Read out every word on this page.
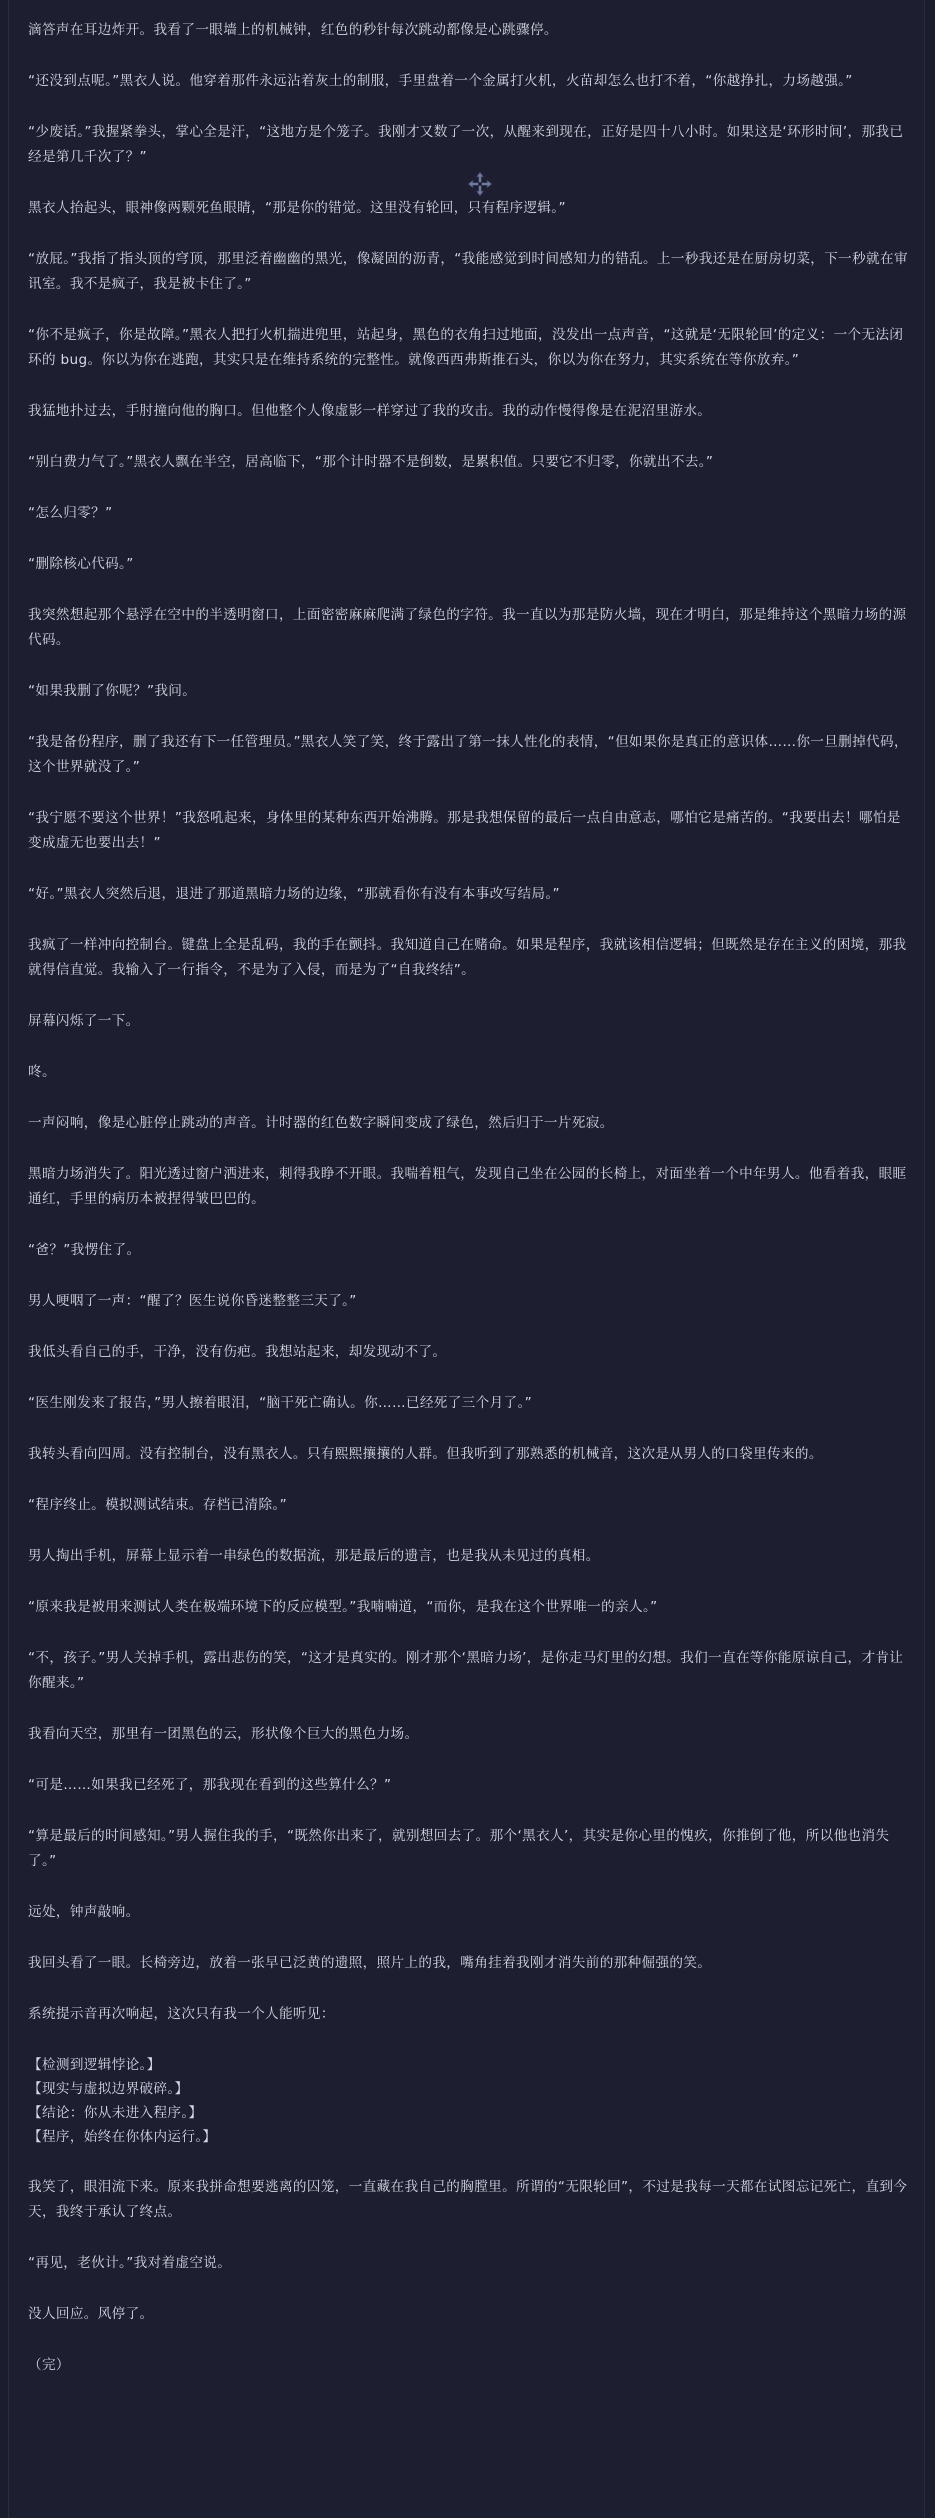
滴答声在耳边炸开。我看了一眼墙上的机械钟，红色的秒针每次跳动都像是心跳骤停。

“还没到点呢。”黑衣人说。他穿着那件永远沾着灰土的制服，手里盘着一个金属打火机，火苗却怎么也打不着，“你越挣扎，力场越强。”

“少废话。”我握紧拳头，掌心全是汗，“这地方是个笼子。我刚才又数了一次，从醒来到现在，正好是四十八小时。如果这是‘环形时间’，那我已经是第几千次了？”

黑衣人抬起头，眼神像两颗死鱼眼睛，“那是你的错觉。这里没有轮回，只有程序逻辑。”

“放屁。”我指了指头顶的穹顶，那里泛着幽幽的黑光，像凝固的沥青，“我能感觉到时间感知力的错乱。上一秒我还是在厨房切菜，下一秒就在审讯室。我不是疯子，我是被卡住了。”

“你不是疯子，你是故障。”黑衣人把打火机揣进兜里，站起身，黑色的衣角扫过地面，没发出一点声音，“这就是‘无限轮回’的定义：一个无法闭环的 bug。你以为你在逃跑，其实只是在维持系统的完整性。就像西西弗斯推石头，你以为你在努力，其实系统在等你放弃。”

我猛地扑过去，手肘撞向他的胸口。但他整个人像虚影一样穿过了我的攻击。我的动作慢得像是在泥沼里游水。

“别白费力气了。”黑衣人飘在半空，居高临下，“那个计时器不是倒数，是累积值。只要它不归零，你就出不去。”

“怎么归零？”

“删除核心代码。”

我突然想起那个悬浮在空中的半透明窗口，上面密密麻麻爬满了绿色的字符。我一直以为那是防火墙，现在才明白，那是维持这个黑暗力场的源代码。

“如果我删了你呢？”我问。

“我是备份程序，删了我还有下一任管理员。”黑衣人笑了笑，终于露出了第一抹人性化的表情，“但如果你是真正的意识体……你一旦删掉代码，这个世界就没了。”

“我宁愿不要这个世界！”我怒吼起来，身体里的某种东西开始沸腾。那是我想保留的最后一点自由意志，哪怕它是痛苦的。“我要出去！哪怕是变成虚无也要出去！”

“好。”黑衣人突然后退，退进了那道黑暗力场的边缘，“那就看你有没有本事改写结局。”

我疯了一样冲向控制台。键盘上全是乱码，我的手在颤抖。我知道自己在赌命。如果是程序，我就该相信逻辑；但既然是存在主义的困境，那我就得信直觉。我输入了一行指令，不是为了入侵，而是为了“自我终结”。

屏幕闪烁了一下。

咚。

一声闷响，像是心脏停止跳动的声音。计时器的红色数字瞬间变成了绿色，然后归于一片死寂。

黑暗力场消失了。阳光透过窗户洒进来，刺得我睁不开眼。我喘着粗气，发现自己坐在公园的长椅上，对面坐着一个中年男人。他看着我，眼眶通红，手里的病历本被捏得皱巴巴的。

“爸？”我愣住了。

男人哽咽了一声：“醒了？医生说你昏迷整整三天了。”

我低头看自己的手，干净，没有伤疤。我想站起来，却发现动不了。

“医生刚发来了报告，”男人擦着眼泪，“脑干死亡确认。你……已经死了三个月了。”

我转头看向四周。没有控制台，没有黑衣人。只有熙熙攘攘的人群。但我听到了那熟悉的机械音，这次是从男人的口袋里传来的。

“程序终止。模拟测试结束。存档已清除。”

男人掏出手机，屏幕上显示着一串绿色的数据流，那是最后的遗言，也是我从未见过的真相。

“原来我是被用来测试人类在极端环境下的反应模型。”我喃喃道，“而你，是我在这个世界唯一的亲人。”

“不，孩子。”男人关掉手机，露出悲伤的笑，“这才是真实的。刚才那个‘黑暗力场’，是你走马灯里的幻想。我们一直在等你能原谅自己，才肯让你醒来。”

我看向天空，那里有一团黑色的云，形状像个巨大的黑色力场。

“可是……如果我已经死了，那我现在看到的这些算什么？”

“算是最后的时间感知。”男人握住我的手，“既然你出来了，就别想回去了。那个‘黑衣人’，其实是你心里的愧疚，你推倒了他，所以他也消失了。”

远处，钟声敲响。

我回头看了一眼。长椅旁边，放着一张早已泛黄的遗照，照片上的我，嘴角挂着我刚才消失前的那种倔强的笑。

系统提示音再次响起，这次只有我一个人能听见：

【检测到逻辑悖论。】
【现实与虚拟边界破碎。】
【结论：你从未进入程序。】
【程序，始终在你体内运行。】

我笑了，眼泪流下来。原来我拼命想要逃离的囚笼，一直藏在我自己的胸膛里。所谓的“无限轮回”，不过是我每一天都在试图忘记死亡，直到今天，我终于承认了终点。

“再见，老伙计。”我对着虚空说。

没人回应。风停了。

（完）
